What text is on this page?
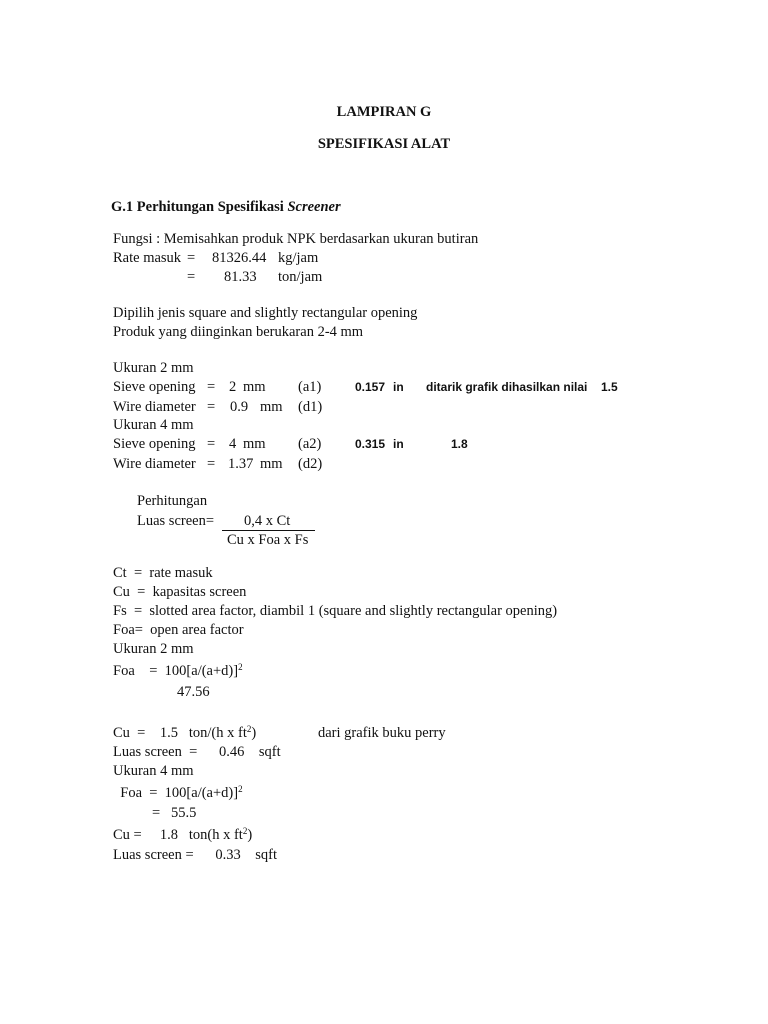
LAMPIRAN G
SPESIFIKASI ALAT
G.1 Perhitungan Spesifikasi Screener
Fungsi : Memisahkan produk NPK berdasarkan ukuran butiran
Rate masuk = 81326.44 kg/jam
= 81.33 ton/jam
Dipilih jenis square and slightly rectangular opening
Produk yang diinginkan berukaran 2-4 mm
Ukuran 2 mm
Sieve opening = 2 mm (a1)	0.157 in ditarik grafik dihasilkan nilai 1.5
Wire diameter = 0.9 mm (d1)
Ukuran 4 mm
Sieve opening = 4 mm (a2)	0.315 in	1.8
Wire diameter = 1.37 mm (d2)
Perhitungan
Luas screen= 0,4 x Ct
Cu x Foa x Fs
Ct  =  rate masuk
Cu  =  kapasitas screen
Fs  =  slotted area factor, diambil 1 (square and slightly rectangular opening)
Foa=  open area factor
Ukuran 2 mm
Foa    =  $100[a/(a+d)]^2$
47.56
Cu  =    1.5   ton/(h x $ft^2$)	dari grafik buku perry
Luas screen  =      0.46    sqft
Ukuran 4 mm
Foa  =  $100[a/(a+d)]^2$
=   55.5
Cu =     1.8   ton(h x $ft^2$)
Luas screen =      0.33    sqft
